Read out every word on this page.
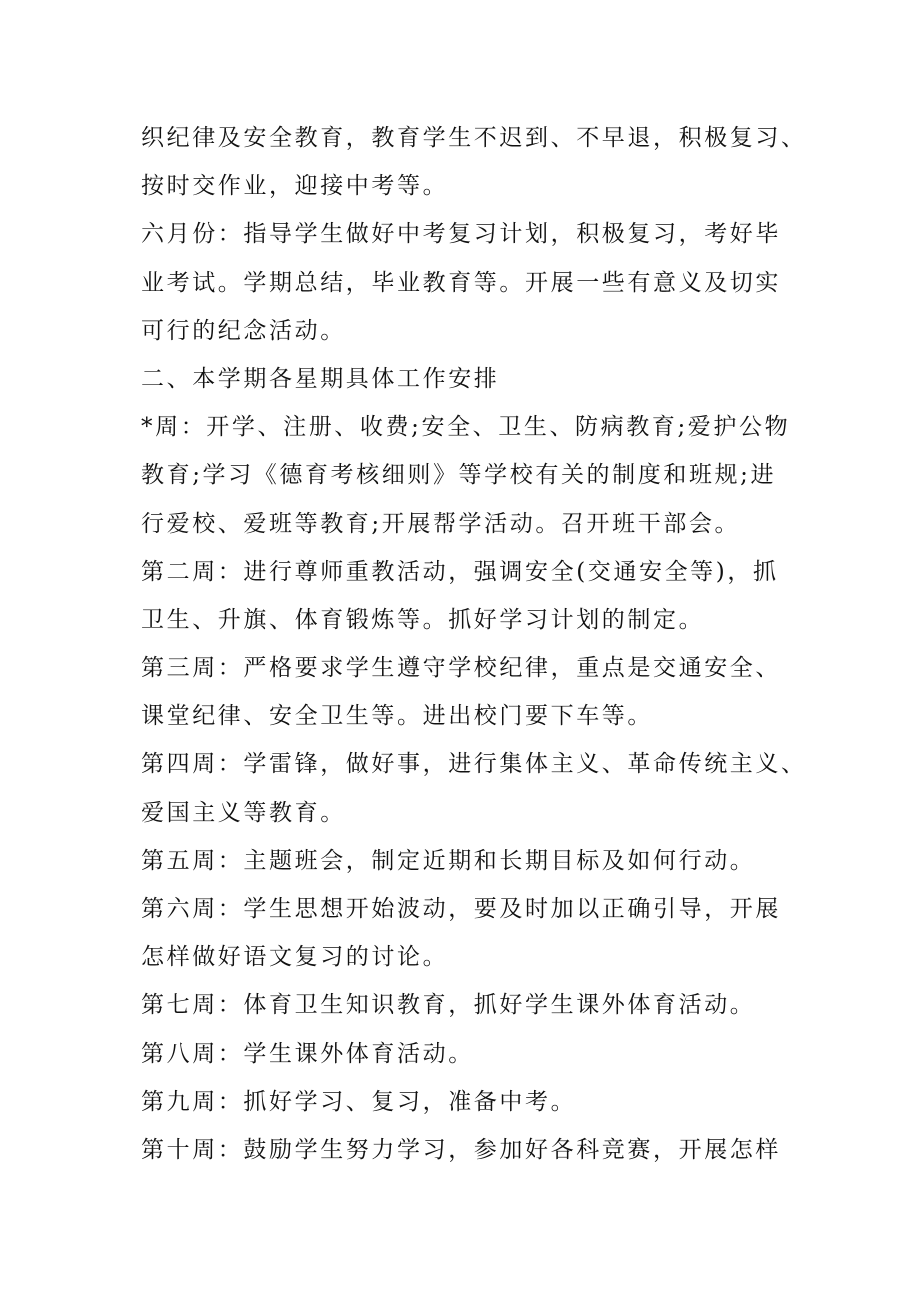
织纪律及安全教育，教育学生不迟到、不早退，积极复习、
按时交作业，迎接中考等。
六月份：指导学生做好中考复习计划，积极复习，考好毕
业考试。学期总结，毕业教育等。开展一些有意义及切实
可行的纪念活动。
二、本学期各星期具体工作安排
*周：开学、注册、收费;安全、卫生、防病教育;爱护公物
教育;学习《德育考核细则》等学校有关的制度和班规;进
行爱校、爱班等教育;开展帮学活动。召开班干部会。
第二周：进行尊师重教活动，强调安全(交通安全等)，抓
卫生、升旗、体育锻炼等。抓好学习计划的制定。
第三周：严格要求学生遵守学校纪律，重点是交通安全、
课堂纪律、安全卫生等。进出校门要下车等。
第四周：学雷锋，做好事，进行集体主义、革命传统主义、
爱国主义等教育。
第五周：主题班会，制定近期和长期目标及如何行动。
第六周：学生思想开始波动，要及时加以正确引导，开展
怎样做好语文复习的讨论。
第七周：体育卫生知识教育，抓好学生课外体育活动。
第八周：学生课外体育活动。
第九周：抓好学习、复习，准备中考。
第十周：鼓励学生努力学习，参加好各科竞赛，开展怎样
